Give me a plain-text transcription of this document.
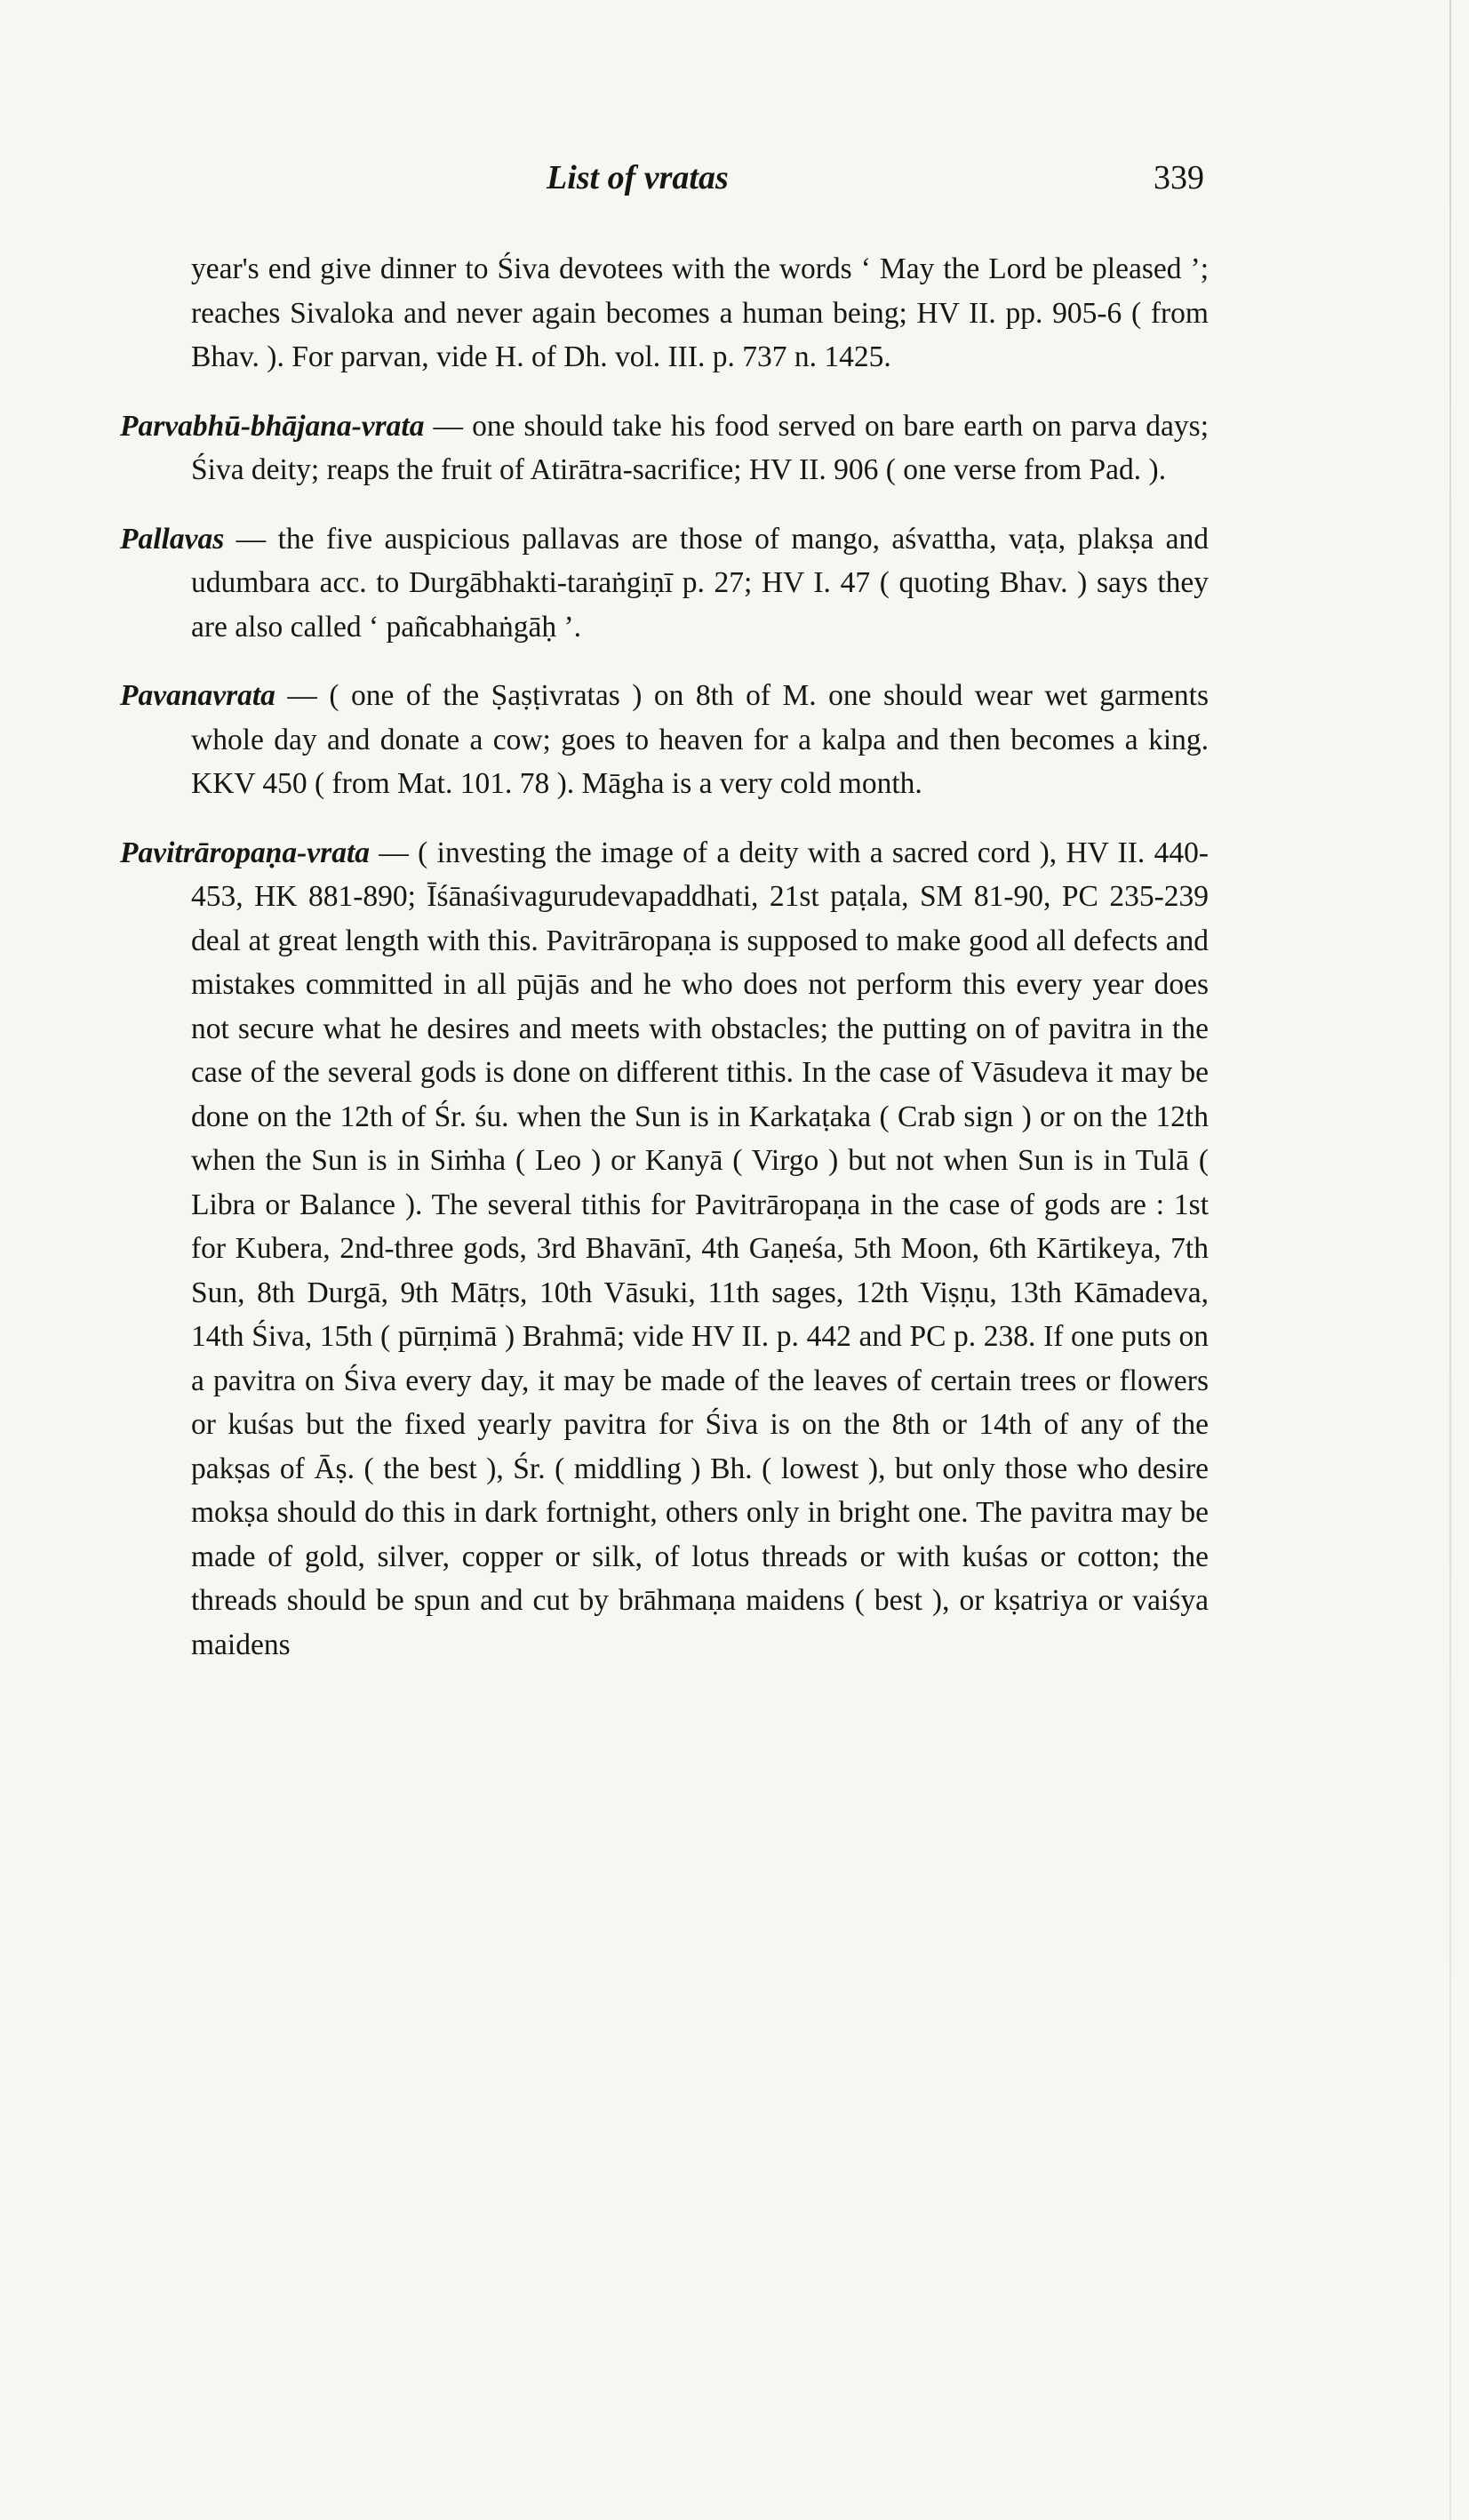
List of vratas	339

year's end give dinner to Śiva devotees with the words ‘ May the Lord be pleased ’; reaches Sivaloka and never again becomes a human being; HV II. pp. 905-6 ( from Bhav. ). For parvan, vide H. of Dh. vol. III. p. 737 n. 1425.

Parvabhū-bhājana-vrata — one should take his food served on bare earth on parva days; Śiva deity; reaps the fruit of Atirātra-sacrifice; HV II. 906 ( one verse from Pad. ).

Pallavas — the five auspicious pallavas are those of mango, aśvattha, vaṭa, plakṣa and udumbara acc. to Durgābhakti-taraṅgiṇī p. 27; HV I. 47 ( quoting Bhav. ) says they are also called ‘ pañcabhaṅgāḥ ’.

Pavanavrata — ( one of the Ṣaṣṭivratas ) on 8th of M. one should wear wet garments whole day and donate a cow; goes to heaven for a kalpa and then becomes a king. KKV 450 ( from Mat. 101. 78 ). Māgha is a very cold month.

Pavitrāropaṇa-vrata — ( investing the image of a deity with a sacred cord ), HV II. 440-453, HK 881-890; Īśānaśivagurudevapaddhati, 21st paṭala, SM 81-90, PC 235-239 deal at great length with this. Pavitrāropaṇa is supposed to make good all defects and mistakes committed in all pūjās and he who does not perform this every year does not secure what he desires and meets with obstacles; the putting on of pavitra in the case of the several gods is done on different tithis. In the case of Vāsudeva it may be done on the 12th of Śr. śu. when the Sun is in Karkaṭaka ( Crab sign ) or on the 12th when the Sun is in Siṁha ( Leo ) or Kanyā ( Virgo ) but not when Sun is in Tulā ( Libra or Balance ). The several tithis for Pavitrāropaṇa in the case of gods are : 1st for Kubera, 2nd-three gods, 3rd Bhavānī, 4th Gaṇeśa, 5th Moon, 6th Kārtikeya, 7th Sun, 8th Durgā, 9th Mātṛs, 10th Vāsuki, 11th sages, 12th Viṣṇu, 13th Kāmadeva, 14th Śiva, 15th ( pūrṇimā ) Brahmā; vide HV II. p. 442 and PC p. 238. If one puts on a pavitra on Śiva every day, it may be made of the leaves of certain trees or flowers or kuśas but the fixed yearly pavitra for Śiva is on the 8th or 14th of any of the pakṣas of Āṣ. ( the best ), Śr. ( middling ) Bh. ( lowest ), but only those who desire mokṣa should do this in dark fortnight, others only in bright one. The pavitra may be made of gold, silver, copper or silk, of lotus threads or with kuśas or cotton; the threads should be spun and cut by brāhmaṇa maidens ( best ), or kṣatriya or vaiśya maidens
